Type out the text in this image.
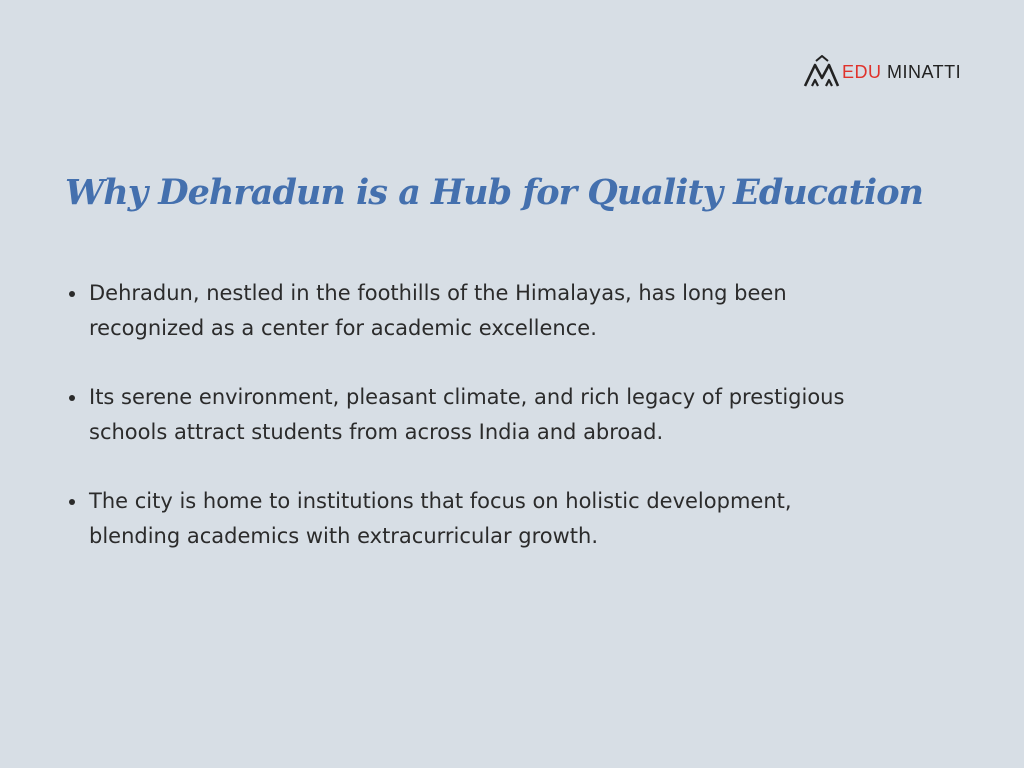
EDU MINATTI
Why Dehradun is a Hub for Quality Education
Dehradun, nestled in the foothills of the Himalayas, has long been recognized as a center for academic excellence.
Its serene environment, pleasant climate, and rich legacy of prestigious schools attract students from across India and abroad.
The city is home to institutions that focus on holistic development, blending academics with extracurricular growth.
